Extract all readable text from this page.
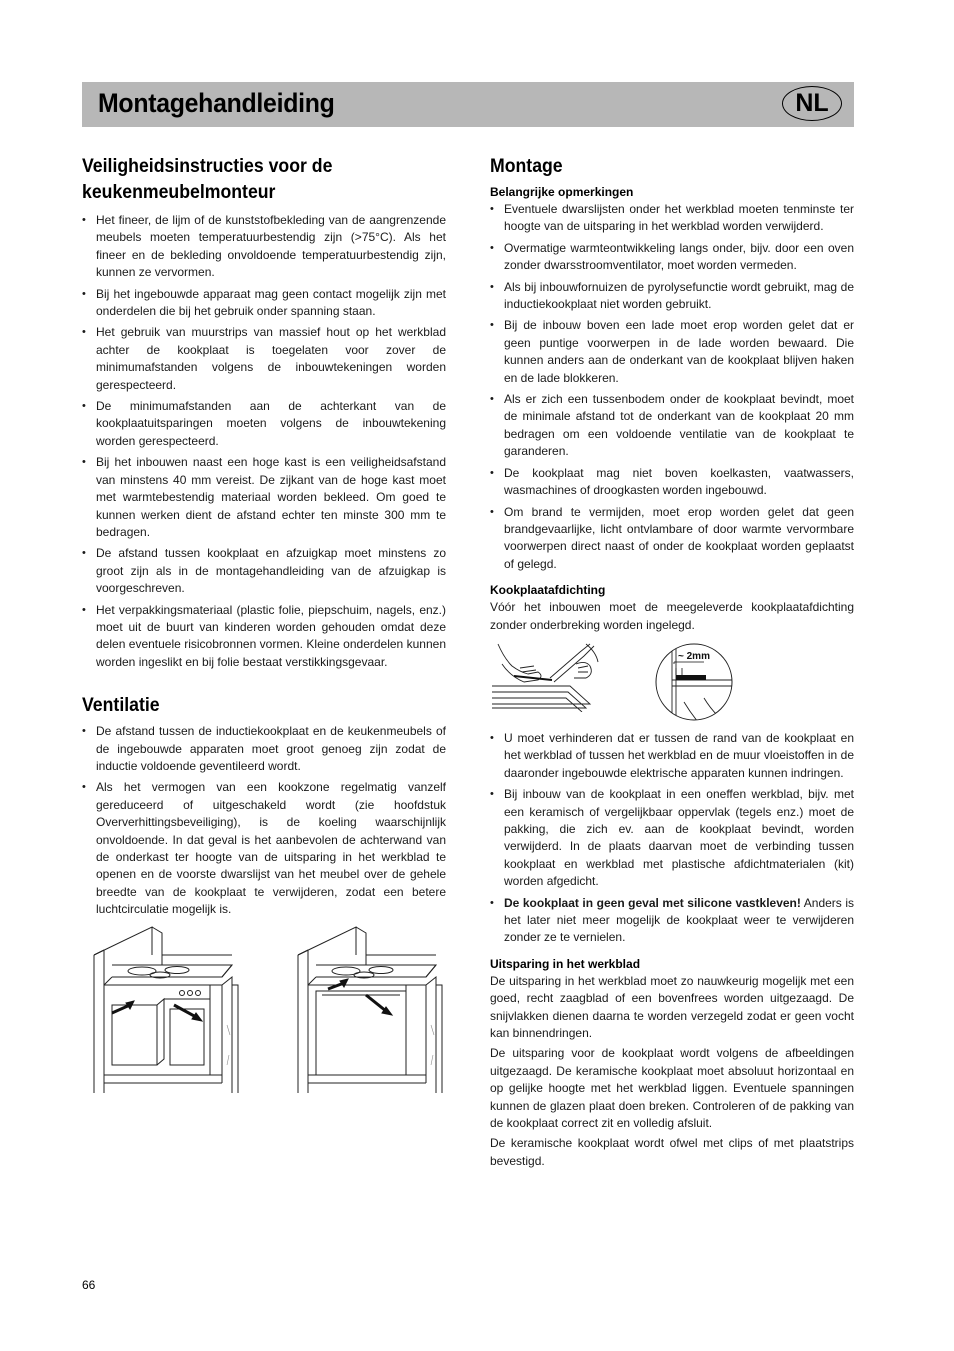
Montagehandleiding	NL
Veiligheidsinstructies voor de keukenmeubelmonteur
• Het fineer, de lijm of de kunststofbekleding van de aangrenzende meubels moeten temperatuurbestendig zijn (>75°C). Als het fineer en de bekleding onvoldoende temperatuurbestendig zijn, kunnen ze vervormen.
• Bij het ingebouwde apparaat mag geen contact mogelijk zijn met onderdelen die bij het gebruik onder spanning staan.
• Het gebruik van muurstrips van massief hout op het werkblad achter de kookplaat is toegelaten voor zover de minimumafstanden volgens de inbouwtekeningen worden gerespecteerd.
• De minimumafstanden aan de achterkant van de kookplaatuitsparingen moeten volgens de inbouwtekening worden gerespecteerd.
• Bij het inbouwen naast een hoge kast is een veiligheidsafstand van minstens 40 mm vereist. De zijkant van de hoge kast moet met warmtebestendig materiaal worden bekleed. Om goed te kunnen werken dient de afstand echter ten minste 300 mm te bedragen.
• De afstand tussen kookplaat en afzuigkap moet minstens zo groot zijn als in de montagehandleiding van de afzuigkap is voorgeschreven.
• Het verpakkingsmateriaal (plastic folie, piepschuim, nagels, enz.) moet uit de buurt van kinderen worden gehouden omdat deze delen eventuele risicobronnen vormen. Kleine onderdelen kunnen worden ingeslikt en bij folie bestaat verstikkingsgevaar.
Ventilatie
• De afstand tussen de inductiekookplaat en de keukenmeubels of de ingebouwde apparaten moet groot genoeg zijn zodat de inductie voldoende geventileerd wordt.
• Als het vermogen van een kookzone regelmatig vanzelf gereduceerd of uitgeschakeld wordt (zie hoofdstuk Oververhittingsbeveiliging), is de koeling waarschijnlijk onvoldoende. In dat geval is het aanbevolen de achterwand van de onderkast ter hoogte van de uitsparing in het werkblad te openen en de voorste dwarslijst van het meubel over de gehele breedte van de kookplaat te verwijderen, zodat een betere luchtcirculatie mogelijk is.
Montage
Belangrijke opmerkingen
• Eventuele dwarslijsten onder het werkblad moeten tenminste ter hoogte van de uitsparing in het werkblad worden verwijderd.
• Overmatige warmteontwikkeling langs onder, bijv. door een oven zonder dwarsstroomventilator, moet worden vermeden.
• Als bij inbouwfornuizen de pyrolysefunctie wordt gebruikt, mag de inductiekookplaat niet worden gebruikt.
• Bij de inbouw boven een lade moet erop worden gelet dat er geen puntige voorwerpen in de lade worden bewaard. Die kunnen anders aan de onderkant van de kookplaat blijven haken en de lade blokkeren.
• Als er zich een tussenbodem onder de kookplaat bevindt, moet de minimale afstand tot de onderkant van de kookplaat 20 mm bedragen om een voldoende ventilatie van de kookplaat te garanderen.
• De kookplaat mag niet boven koelkasten, vaatwassers, wasmachines of droogkasten worden ingebouwd.
• Om brand te vermijden, moet erop worden gelet dat geen brandgevaarlijke, licht ontvlambare of door warmte vervormbare voorwerpen direct naast of onder de kookplaat worden geplaatst of gelegd.
Kookplaatafdichting

Vóór het inbouwen moet de meegeleverde kookplaatafdichting zonder onderbreking worden ingelegd.

~ 2mm
• U moet verhinderen dat er tussen de rand van de kookplaat en het werkblad of tussen het werkblad en de muur vloeistoffen in de daaronder ingebouwde elektrische apparaten kunnen indringen.
• Bij inbouw van de kookplaat in een oneffen werkblad, bijv. met een keramisch of vergelijkbaar oppervlak (tegels enz.) moet de pakking, die zich ev. aan de kookplaat bevindt, worden verwijderd. In de plaats daarvan moet de verbinding tussen kookplaat en werkblad met plastische afdichtmaterialen (kit) worden afgedicht.
• De kookplaat in geen geval met silicone vastkleven! Anders is het later niet meer mogelijk de kookplaat weer te verwijderen zonder ze te vernielen.
Uitsparing in het werkblad

De uitsparing in het werkblad moet zo nauwkeurig mogelijk met een goed, recht zaagblad of een bovenfrees worden uitgezaagd. De snijvlakken dienen daarna te worden verzegeld zodat er geen vocht kan binnendringen.

De uitsparing voor de kookplaat wordt volgens de afbeeldingen uitgezaagd. De keramische kookplaat moet absoluut horizontaal en op gelijke hoogte met het werkblad liggen. Eventuele spanningen kunnen de glazen plaat doen breken. Controleren of de pakking van de kookplaat correct zit en volledig afsluit.

De keramische kookplaat wordt ofwel met clips of met plaatstrips bevestigd.

66
